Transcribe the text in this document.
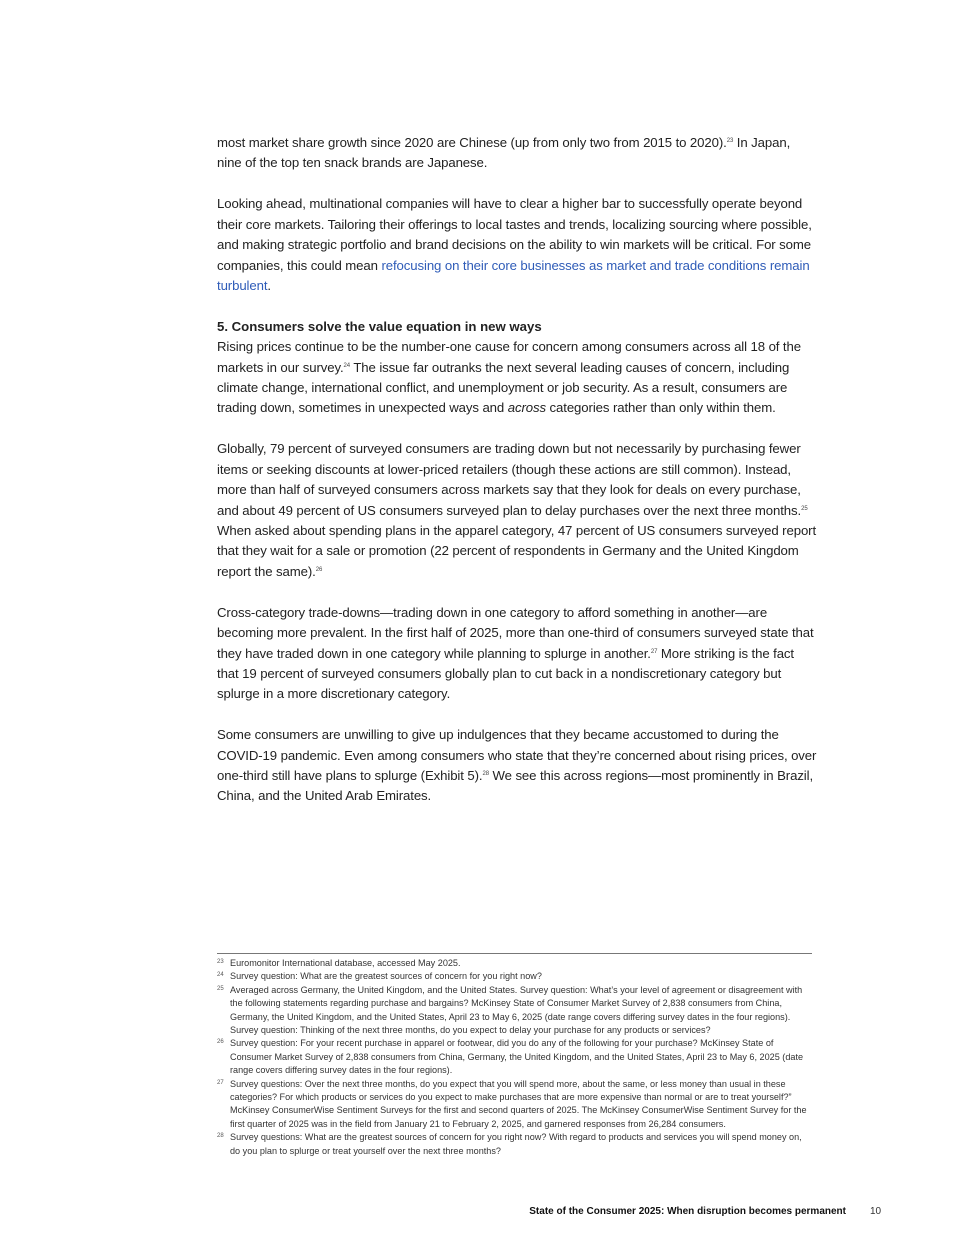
most market share growth since 2020 are Chinese (up from only two from 2015 to 2020).$^{23}$ In Japan, nine of the top ten snack brands are Japanese.

Looking ahead, multinational companies will have to clear a higher bar to successfully operate beyond their core markets. Tailoring their offerings to local tastes and trends, localizing sourcing where possible, and making strategic portfolio and brand decisions on the ability to win markets will be critical. For some companies, this could mean refocusing on their core businesses as market and trade conditions remain turbulent.

5. Consumers solve the value equation in new ways

Rising prices continue to be the number-one cause for concern among consumers across all 18 of the markets in our survey.$^{24}$ The issue far outranks the next several leading causes of concern, including climate change, international conflict, and unemployment or job security. As a result, consumers are trading down, sometimes in unexpected ways and across categories rather than only within them.

Globally, 79 percent of surveyed consumers are trading down but not necessarily by purchasing fewer items or seeking discounts at lower-priced retailers (though these actions are still common). Instead, more than half of surveyed consumers across markets say that they look for deals on every purchase, and about 49 percent of US consumers surveyed plan to delay purchases over the next three months.$^{25}$ When asked about spending plans in the apparel category, 47 percent of US consumers surveyed report that they wait for a sale or promotion (22 percent of respondents in Germany and the United Kingdom report the same).$^{26}$

Cross-category trade-downs—trading down in one category to afford something in another—are becoming more prevalent. In the first half of 2025, more than one-third of consumers surveyed state that they have traded down in one category while planning to splurge in another.$^{27}$ More striking is the fact that 19 percent of surveyed consumers globally plan to cut back in a nondiscretionary category but splurge in a more discretionary category.

Some consumers are unwilling to give up indulgences that they became accustomed to during the COVID-19 pandemic. Even among consumers who state that they’re concerned about rising prices, over one-third still have plans to splurge (Exhibit 5).$^{28}$ We see this across regions—most prominently in Brazil, China, and the United Arab Emirates.

23 Euromonitor International database, accessed May 2025.
24 Survey question: What are the greatest sources of concern for you right now?
25 Averaged across Germany, the United Kingdom, and the United States. Survey question: What’s your level of agreement or disagreement with the following statements regarding purchase and bargains? McKinsey State of Consumer Market Survey of 2,838 consumers from China, Germany, the United Kingdom, and the United States, April 23 to May 6, 2025 (date range covers differing survey dates in the four regions). Survey question: Thinking of the next three months, do you expect to delay your purchase for any products or services?
26 Survey question: For your recent purchase in apparel or footwear, did you do any of the following for your purchase? McKinsey State of Consumer Market Survey of 2,838 consumers from China, Germany, the United Kingdom, and the United States, April 23 to May 6, 2025 (date range covers differing survey dates in the four regions).
27 Survey questions: Over the next three months, do you expect that you will spend more, about the same, or less money than usual in these categories? For which products or services do you expect to make purchases that are more expensive than normal or are to treat yourself?” McKinsey ConsumerWise Sentiment Surveys for the first and second quarters of 2025. The McKinsey ConsumerWise Sentiment Survey for the first quarter of 2025 was in the field from January 21 to February 2, 2025, and garnered responses from 26,284 consumers.
28 Survey questions: What are the greatest sources of concern for you right now? With regard to products and services you will spend money on, do you plan to splurge or treat yourself over the next three months?
State of the Consumer 2025: When disruption becomes permanent 10
